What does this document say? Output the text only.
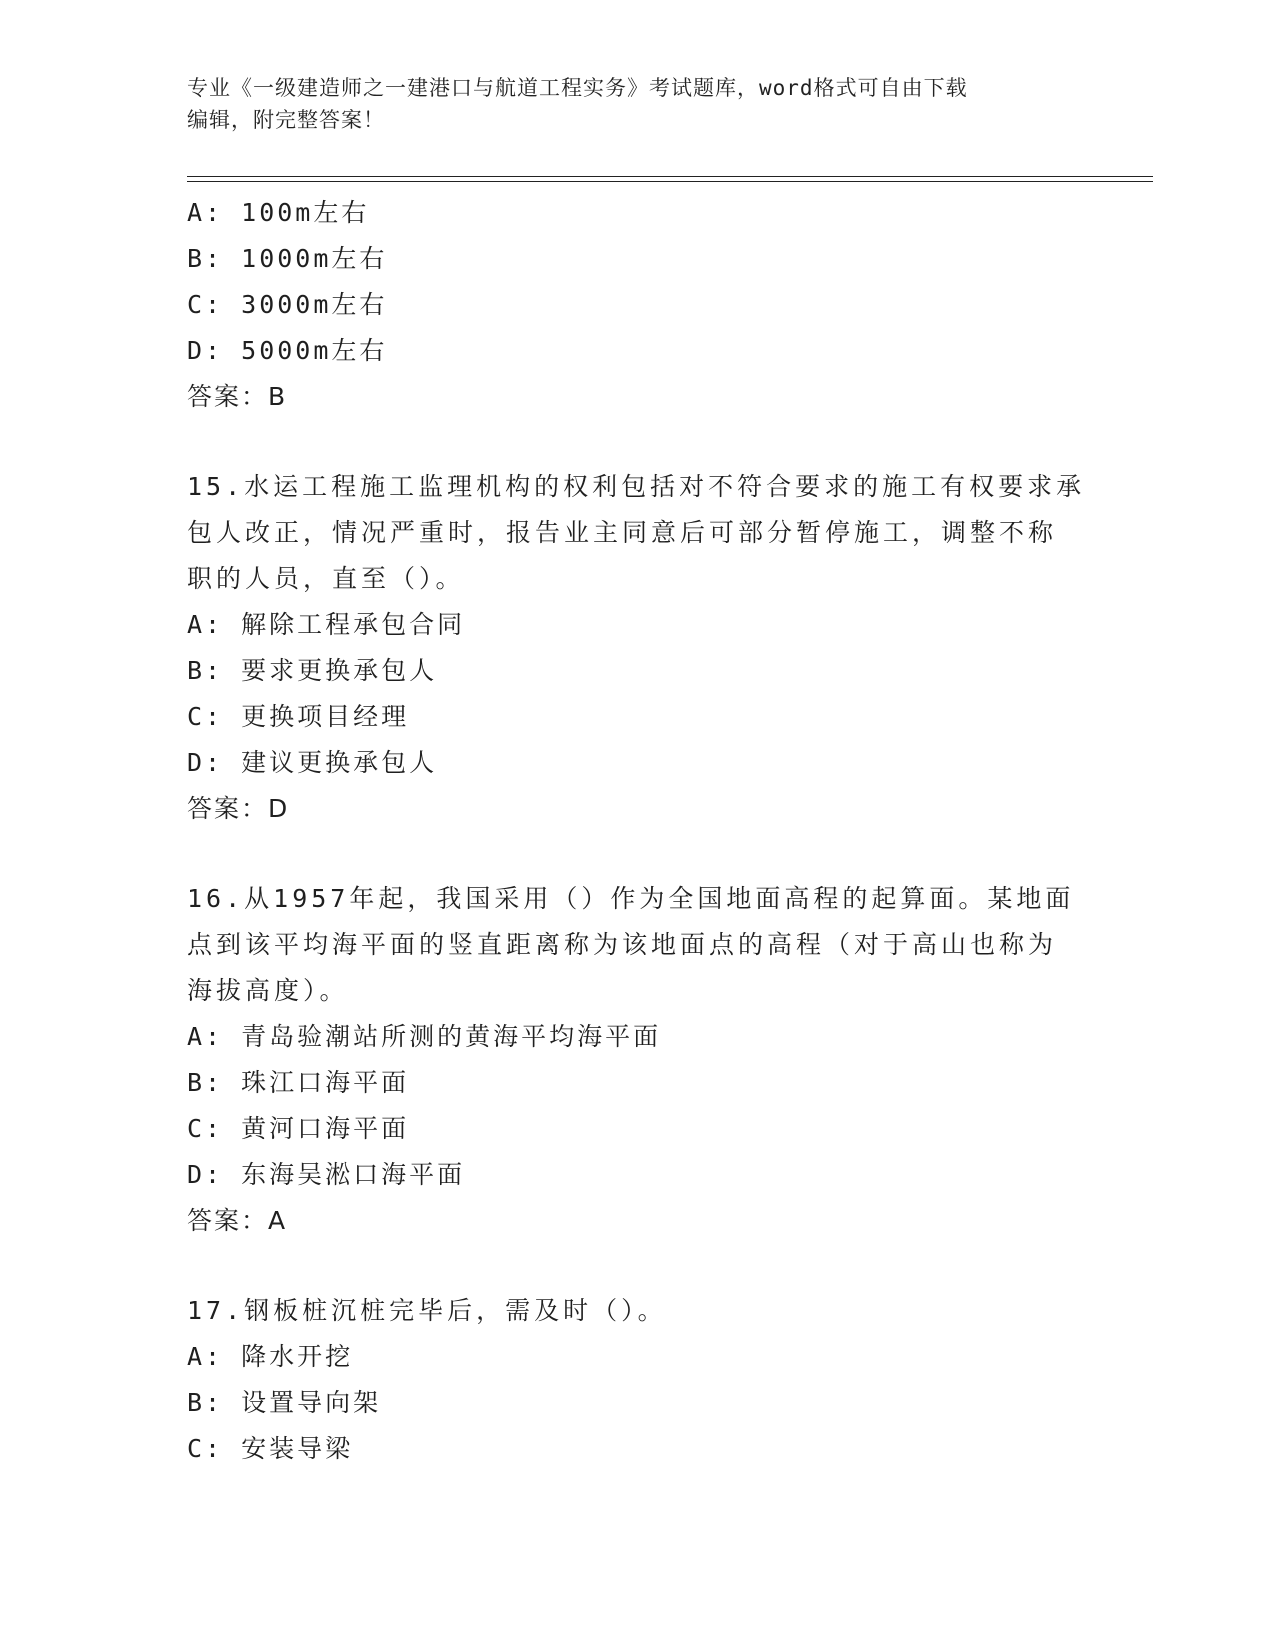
专业《一级建造师之一建港口与航道工程实务》考试题库，word格式可自由下载
编辑，附完整答案！
A: 100m左右
B: 1000m左右
C: 3000m左右
D: 5000m左右
答案：B
15.水运工程施工监理机构的权利包括对不符合要求的施工有权要求承
包人改正，情况严重时，报告业主同意后可部分暂停施工，调整不称
职的人员，直至（）。
A: 解除工程承包合同
B: 要求更换承包人
C: 更换项目经理
D: 建议更换承包人
答案：D
16.从1957年起，我国采用（）作为全国地面高程的起算面。某地面
点到该平均海平面的竖直距离称为该地面点的高程（对于高山也称为
海拔高度）。
A: 青岛验潮站所测的黄海平均海平面
B: 珠江口海平面
C: 黄河口海平面
D: 东海吴淞口海平面
答案：A
17.钢板桩沉桩完毕后，需及时（）。
A: 降水开挖
B: 设置导向架
C: 安装导梁
